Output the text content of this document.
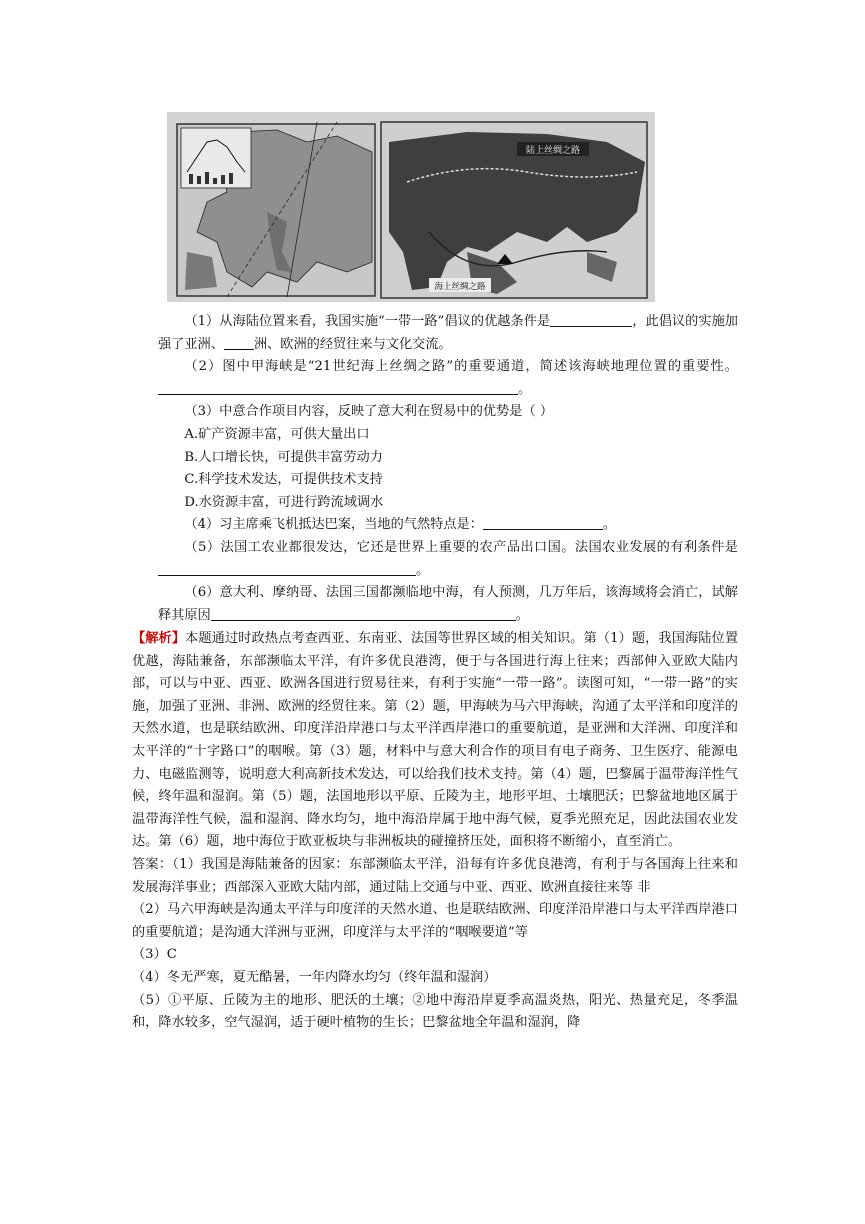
陆上丝绸之路
海上丝绸之路

（1）从海陆位置来看，我国实施“一带一路”倡议的优越条件是	，此倡议的实施加强了亚洲、 洲、欧洲的经贸往来与文化交流。

（2）图中甲海峡是“21世纪海上丝绸之路”的重要通道，简述该海峡地理位置的重要性。。

（3）中意合作项目内容，反映了意大利在贸易中的优势是（ ）

A.矿产资源丰富，可供大量出口

B.人口增长快，可提供丰富劳动力

C.科学技术发达，可提供技术支持

D.水资源丰富，可进行跨流域调水

（4）习主席乘飞机抵达巴案，当地的气然特点是：	。

（5）法国工农业都很发达，它还是世界上重要的农产品出口国。法国农业发展的有利条件是。

（6）意大利、摩纳哥、法国三国都濒临地中海，有人预测，几万年后，该海域将会消亡，试解释其原因	。

【解析】本题通过时政热点考查西亚、东南亚、法国等世界区域的相关知识。第（1）题，我国海陆位置优越，海陆兼备，东部濒临太平洋，有许多优良港湾，便于与各国进行海上往来；西部伸入亚欧大陆内部，可以与中亚、西亚、欧洲各国进行贸易往来，有利于实施“一带一路”。读图可知，“一带一路”的实施，加强了亚洲、非洲、欧洲的经贸往来。第（2）题，甲海峡为马六甲海峡，沟通了太平洋和印度洋的天然水道，也是联结欧洲、印度洋沿岸港口与太平洋西岸港口的重要航道，是亚洲和大洋洲、印度洋和太平洋的“十字路口”的咽喉。第（3）题，材料中与意大利合作的项目有电子商务、卫生医疗、能源电力、电磁监测等，说明意大利高新技术发达，可以给我们技术支持。第（4）题，巴黎属于温带海洋性气候，终年温和湿润。第（5）题，法国地形以平原、丘陵为主，地形平坦、土壤肥沃；巴黎盆地地区属于温带海洋性气候，温和湿润、降水均匀，地中海沿岸属于地中海气候，夏季光照充足，因此法国农业发达。第（6）题，地中海位于欧亚板块与非洲板块的碰撞挤压处，面积将不断缩小，直至消亡。

答案：（1）我国是海陆兼备的因家：东部濒临太平洋，沿每有许多优良港湾，有利于与各国海上往来和发展海洋事业；西部深入亚欧大陆内部，通过陆上交通与中亚、西亚、欧洲直接往来等 非

（2）马六甲海峡是沟通太平洋与印度洋的天然水道、也是联结欧洲、印度洋沿岸港口与太平洋西岸港口的重要航道；是沟通大洋洲与亚洲，印度洋与太平洋的“咽喉要道”等

（3）C

（4）冬无严寒，夏无酷暑，一年内降水均匀（终年温和湿润）

（5）①平原、丘陵为主的地形、肥沃的土壤；②地中海沿岸夏季高温炎热，阳光、热量充足，冬季温和，降水较多，空气湿润，适于硬叶植物的生长；巴黎盆地全年温和湿润，降
